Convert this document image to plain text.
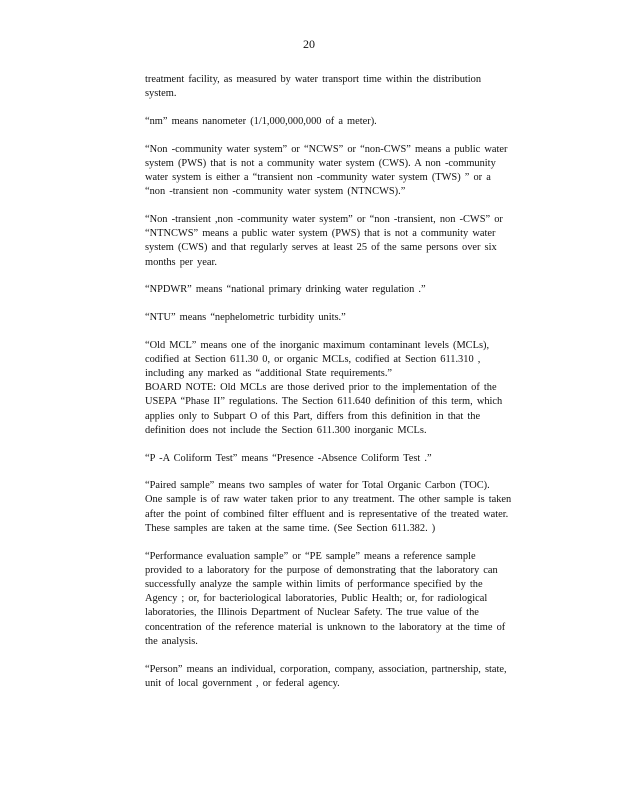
20

treatment facility, as measured by water transport time within the distribution
system.

“nm” means nanometer (1/1,000,000,000 of a meter).

“Non -community water system” or “NCWS” or “non-CWS” means a public water
system (PWS) that is not a community water system (CWS). A non -community
water system is either a “transient non -community water system (TWS) ” or a
“non -transient non -community water system (NTNCWS).”

“Non -transient ,non -community water system” or “non -transient, non -CWS” or
“NTNCWS” means a public water system (PWS) that is not a community water
system (CWS) and that regularly serves at least 25 of the same persons over six
months per year.

“NPDWR” means “national primary drinking water regulation .”

“NTU” means “nephelometric turbidity units.”

“Old MCL” means one of the inorganic maximum contaminant levels (MCLs),
codified at Section 611.30 0, or organic MCLs, codified at Section 611.310 ,
including any marked as “additional State requirements.”
BOARD NOTE: Old MCLs are those derived prior to the implementation of the
USEPA “Phase II” regulations. The Section 611.640 definition of this term, which
applies only to Subpart O of this Part, differs from this definition in that the
definition does not include the Section 611.300 inorganic MCLs.

“P -A Coliform Test” means “Presence -Absence Coliform Test .”

“Paired sample” means two samples of water for Total Organic Carbon (TOC).
One sample is of raw water taken prior to any treatment. The other sample is taken
after the point of combined filter effluent and is representative of the treated water.
These samples are taken at the same time. (See Section 611.382. )

“Performance evaluation sample” or “PE sample” means a reference sample
provided to a laboratory for the purpose of demonstrating that the laboratory can
successfully analyze the sample within limits of performance specified by the
Agency ; or, for bacteriological laboratories, Public Health; or, for radiological
laboratories, the Illinois Department of Nuclear Safety. The true value of the
concentration of the reference material is unknown to the laboratory at the time of
the analysis.

“Person” means an individual, corporation, company, association, partnership, state,
unit of local government , or federal agency.
